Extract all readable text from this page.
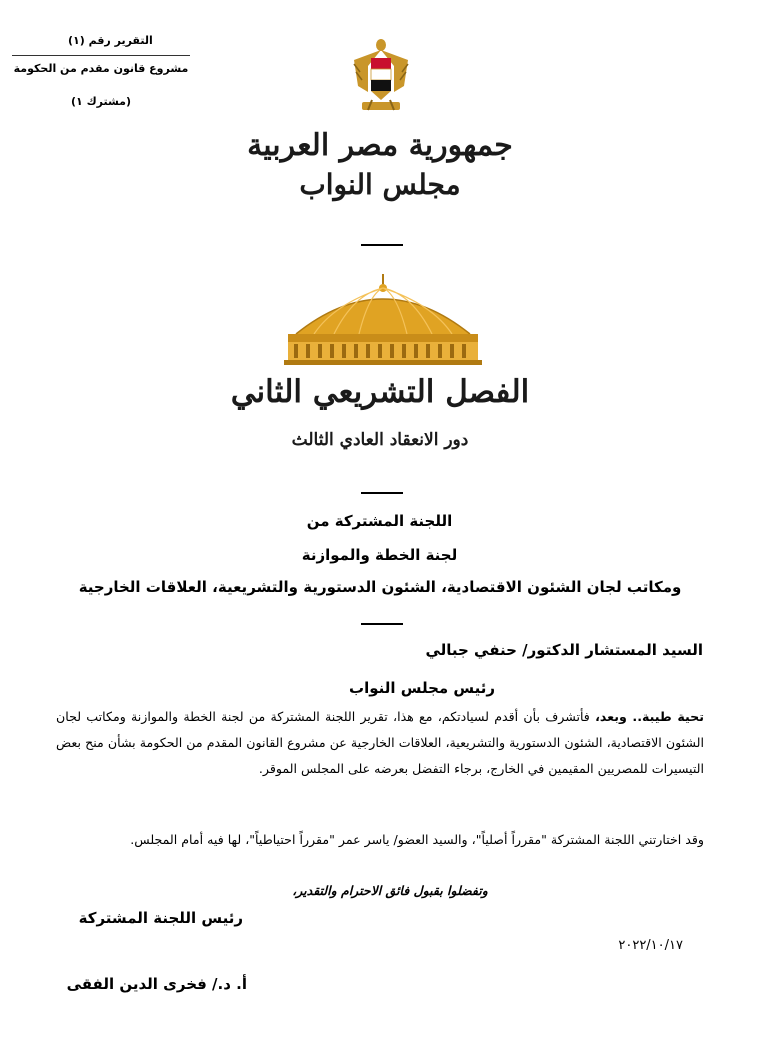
التقرير رقم (١)
مشروع قانون مقدم من الحكومة
(مشترك ١)
جمهورية مصر العربية
مجلس النواب
الفصل التشريعي الثاني
دور الانعقاد العادي الثالث
اللجنة المشتركة من
لجنة الخطة والموازنة
ومكاتب لجان الشئون الاقتصادية، الشئون الدستورية والتشريعية، العلاقات الخارجية
السيد المستشار الدكتور/ حنفي جبالي
رئيس مجلس النواب
تحية طيبة.. وبعد، فأتشرف بأن أقدم لسيادتكم، مع هذا، تقرير اللجنة المشتركة من لجنة الخطة والموازنة ومكاتب لجان الشئون الاقتصادية، الشئون الدستورية والتشريعية، العلاقات الخارجية عن مشروع القانون المقدم من الحكومة بشأن منح بعض التيسيرات للمصريين المقيمين في الخارج، برجاء التفضل بعرضه على المجلس الموقر.
وقد اختارتني اللجنة المشتركة "مقرراً أصلياً"، والسيد العضو/ ياسر عمر "مقرراً احتياطياً"، لها فيه أمام المجلس.
وتفضلوا بقبول فائق الاحترام والتقدير،
رئيس اللجنة المشتركة
٢٠٢٢/١٠/١٧
أ. د./ فخرى الدين الفقى
